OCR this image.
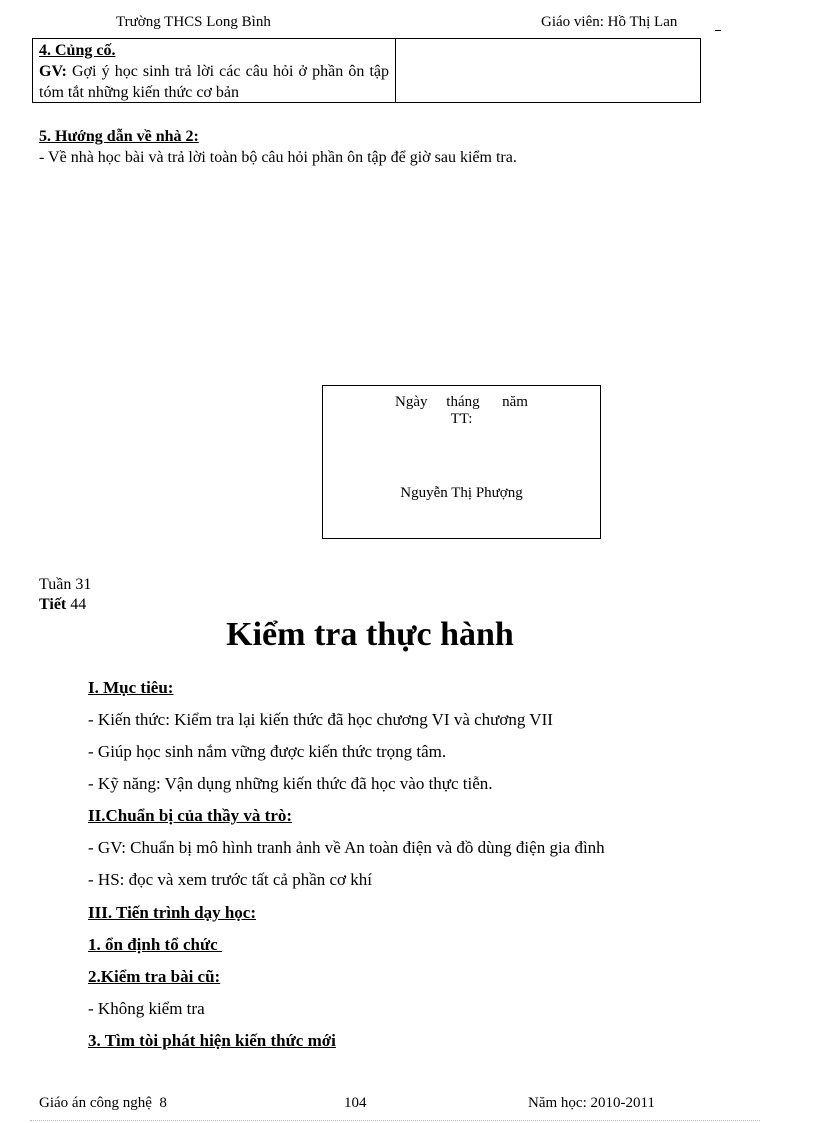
Trường THCS Long Bình	Giáo viên: Hồ Thị Lan
4. Củng cố.
GV: Gợi ý học sinh trả lời các câu hỏi ở phần ôn tập tóm tắt những kiến thức cơ bản
5. Hướng dẫn về nhà 2:
- Về nhà học bài và trả lời toàn bộ câu hỏi phần ôn tập để giờ sau kiểm tra.
Ngày     tháng      năm
TT:
Nguyễn Thị Phượng
Tuần 31
Tiết 44
Kiểm tra thực hành
I. Mục tiêu:
- Kiến thức: Kiểm tra lại kiến thức đã học chương VI và chương VII
- Giúp học sinh nắm vững được kiến thức trọng tâm.
- Kỹ năng: Vận dụng những kiến thức đã học vào thực tiễn.
II.Chuẩn bị của thầy và trò:
- GV: Chuẩn bị mô hình tranh ảnh về An toàn điện và đồ dùng điện gia đình
- HS: đọc và xem trước tất cả phần cơ khí
III. Tiến trình dạy học:
1. ổn định tổ chức
2.Kiểm tra bài cũ:
- Không kiểm tra
3. Tìm tòi phát hiện kiến thức mới
Giáo án công nghệ  8	104	Năm học: 2010-2011
